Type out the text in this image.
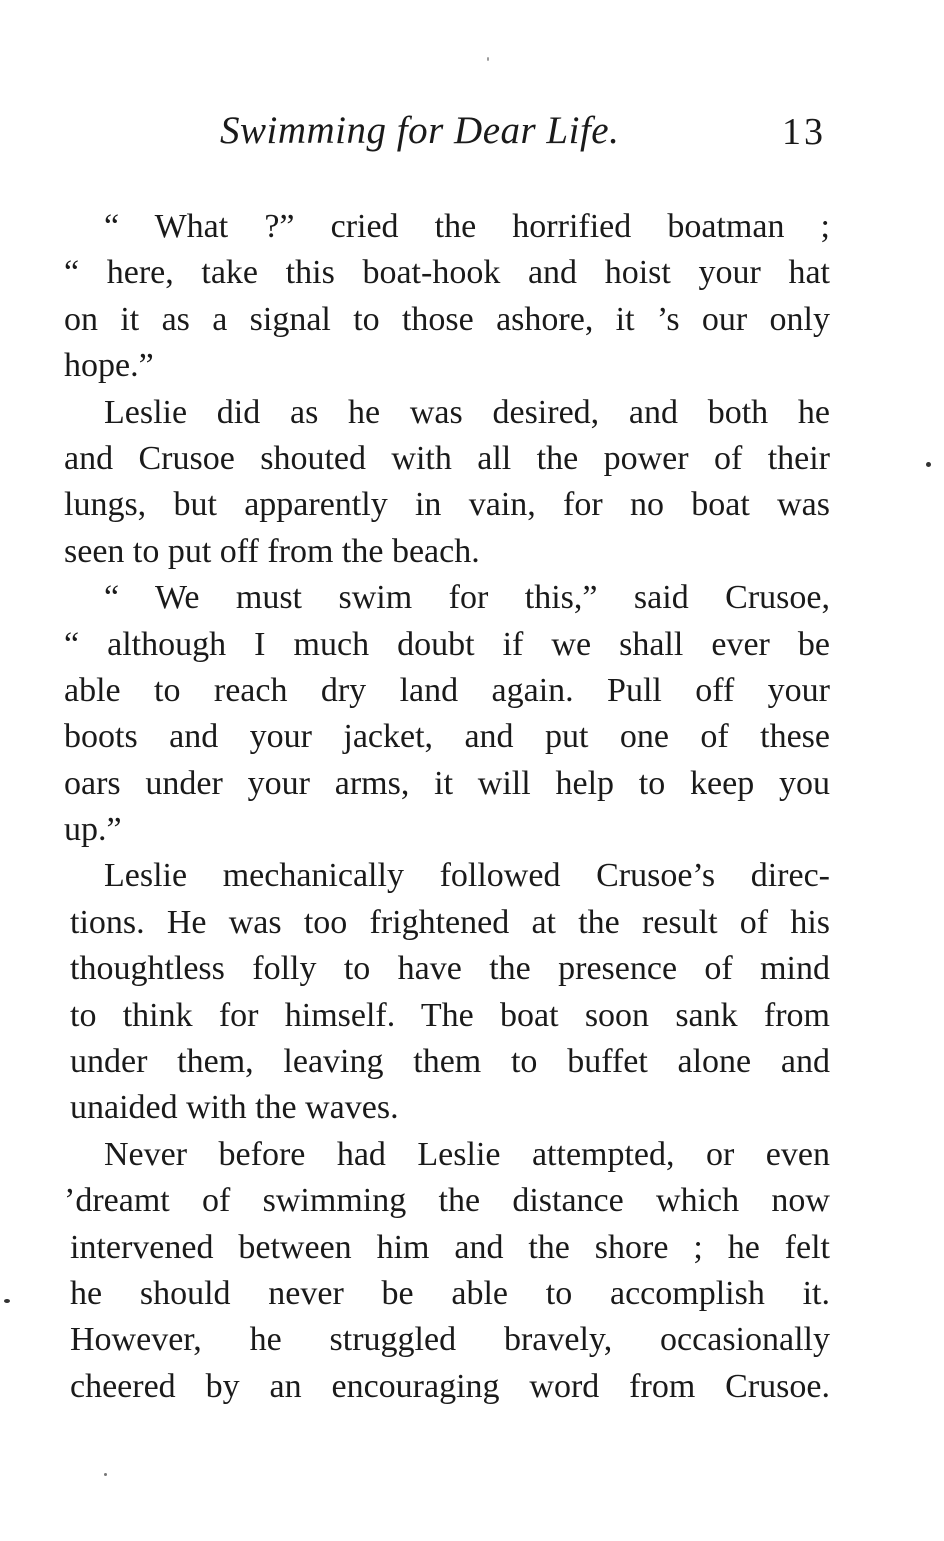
Swimming for Dear Life.	13
“ What ?” cried the horrified boatman ;
“ here, take this boat-hook and hoist your hat
on it as a signal to those ashore, it ’s our only
hope.”
Leslie did as he was desired, and both he
and Crusoe shouted with all the power of their
lungs, but apparently in vain, for no boat was
seen to put off from the beach.
“ We must swim for this,” said Crusoe,
“ although I much doubt if we shall ever be
able to reach dry land again. Pull off your
boots and your jacket, and put one of these
oars under your arms, it will help to keep you
up.”
Leslie mechanically followed Crusoe’s direc-
tions. He was too frightened at the result of his
thoughtless folly to have the presence of mind
to think for himself. The boat soon sank from
under them, leaving them to buffet alone and
unaided with the waves.
Never before had Leslie attempted, or even
’dreamt of swimming the distance which now
intervened between him and the shore ; he felt
he should never be able to accomplish it.
However, he struggled bravely, occasionally
cheered by an encouraging word from Crusoe.
